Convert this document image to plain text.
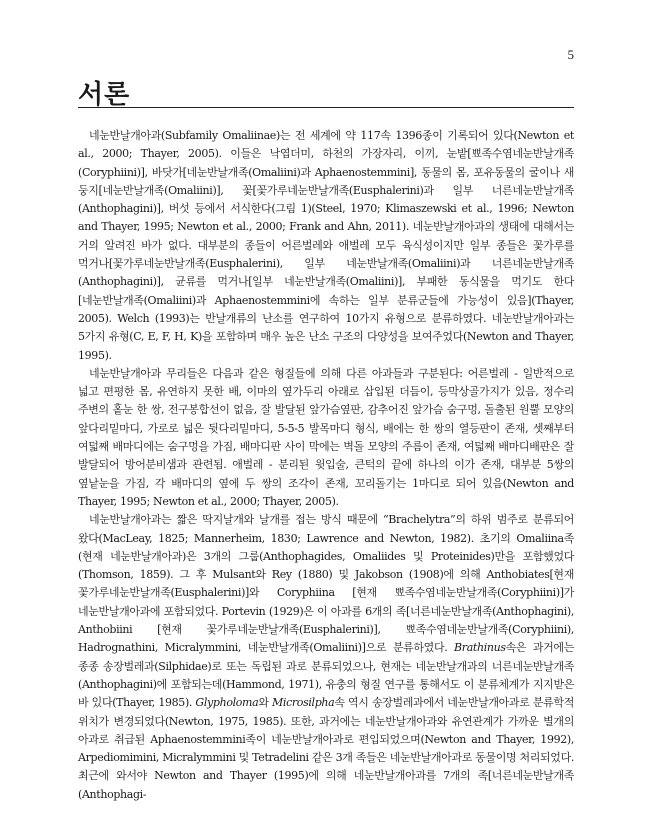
5
서론

네눈반날개아과(Subfamily Omaliinae)는 전 세계에 약 117속 1396종이 기록되어 있다(Newton et al., 2000; Thayer, 2005). 이들은 낙엽더미, 하천의 가장자리, 이끼, 눈밭[뾰족수염네눈반날개족(Coryphiini)], 바닷가[네눈반날개족(Omaliini)과 Aphaenostemmini], 동물의 몸, 포유동물의 굴이나 새 둥지[네눈반날개족(Omaliini)], 꽃[꽃가루네눈반날개족(Eusphalerini)과 일부 너른네눈반날개족(Anthophagini)], 버섯 등에서 서식한다(그림 1)(Steel, 1970; Klimaszewski et al., 1996; Newton and Thayer, 1995; Newton et al., 2000; Frank and Ahn, 2011). 네눈반날개아과의 생태에 대해서는 거의 알려진 바가 없다. 대부분의 종들이 어른벌레와 애벌레 모두 육식성이지만 일부 종들은 꽃가루를 먹거나[꽃가루네눈반날개족(Eusphalerini), 일부 네눈반날개족(Omaliini)과 너른네눈반날개족(Anthophagini)], 균류를 먹거나[일부 네눈반날개족(Omaliini)], 부패한 동식물을 먹기도 한다[네눈반날개족(Omaliini)과 Aphaenostemmini에 속하는 일부 분류군들에 가능성이 있음](Thayer, 2005). Welch (1993)는 반날개류의 난소를 연구하여 10가지 유형으로 분류하였다. 네눈반날개아과는 5가지 유형(C, E, F, H, K)을 포함하며 매우 높은 난소 구조의 다양성을 보여주었다(Newton and Thayer, 1995).

네눈반날개아과 무리들은 다음과 같은 형질들에 의해 다른 아과들과 구분된다: 어른벌레 - 일반적으로 넓고 편평한 몸, 유연하지 못한 배, 이마의 옆가두리 아래로 삽입된 더듬이, 등막상골가지가 있음, 정수리 주변의 홑눈 한 쌍, 전구봉합선이 없음, 잘 발달된 앞가슴옆판, 감추어진 앞가슴 숨구멍, 돌출된 원뿔 모양의 앞다리밑마디, 가로로 넓은 뒷다리밑마디, 5-5-5 발목마디 형식, 배에는 한 쌍의 열등판이 존재, 셋째부터 여덟째 배마디에는 숨구멍을 가짐, 배마디판 사이 막에는 벽돌 모양의 주름이 존재, 여덟째 배마디배판은 잘 발달되어 방어분비샘과 관련됨. 애벌레 - 분리된 윗입술, 큰턱의 끝에 하나의 이가 존재, 대부분 5쌍의 옆낱눈을 가짐, 각 배마디의 옆에 두 쌍의 조각이 존재, 꼬리돌기는 1마디로 되어 있음(Newton and Thayer, 1995; Newton et al., 2000; Thayer, 2005).

네눈반날개아과는 짧은 딱지날개와 날개를 접는 방식 때문에 “Brachelytra”의 하위 범주로 분류되어 왔다(MacLeay, 1825; Mannerheim, 1830; Lawrence and Newton, 1982). 초기의 Omaliina족(현재 네눈반날개아과)은 3개의 그룹(Anthophagides, Omaliides 및 Proteinides)만을 포함했었다(Thomson, 1859). 그 후 Mulsant와 Rey (1880) 및 Jakobson (1908)에 의해 Anthobiates[현재 꽃가루네눈반날개족(Eusphalerini)]와 Coryphiina [현재 뾰족수염네눈반날개족(Coryphiini)]가 네눈반날개아과에 포함되었다. Portevin (1929)은 이 아과를 6개의 족[너른네눈반날개족(Anthophagini), Anthobiini [현재 꽃가루네눈반날개족(Eusphalerini)], 뾰족수염네눈반날개족(Coryphiini), Hadrognathini, Micralymmini, 네눈반날개족(Omaliini)]으로 분류하였다. Brathinus속은 과거에는 종종 송장벌레과(Silphidae)로 또는 독립된 과로 분류되었으나, 현재는 네눈반날개과의 너른네눈반날개족(Anthophagini)에 포함되는데(Hammond, 1971), 유충의 형질 연구를 통해서도 이 분류체계가 지지받은 바 있다(Thayer, 1985). Glypholoma와 Microsilpha속 역시 송장벌레과에서 네눈반날개아과로 분류학적 위치가 변경되었다(Newton, 1975, 1985). 또한, 과거에는 네눈반날개아과와 유연관계가 가까운 별개의 아과로 취급된 Aphaenostemmini족이 네눈반날개아과로 편입되었으며(Newton and Thayer, 1992), Arpediomimini, Micralymmini 및 Tetradelini 같은 3개 족들은 네눈반날개아과로 동물이명 처리되었다. 최근에 와서야 Newton and Thayer (1995)에 의해 네눈반날개아과를 7개의 족[너른네눈반날개족(Anthophagi-
